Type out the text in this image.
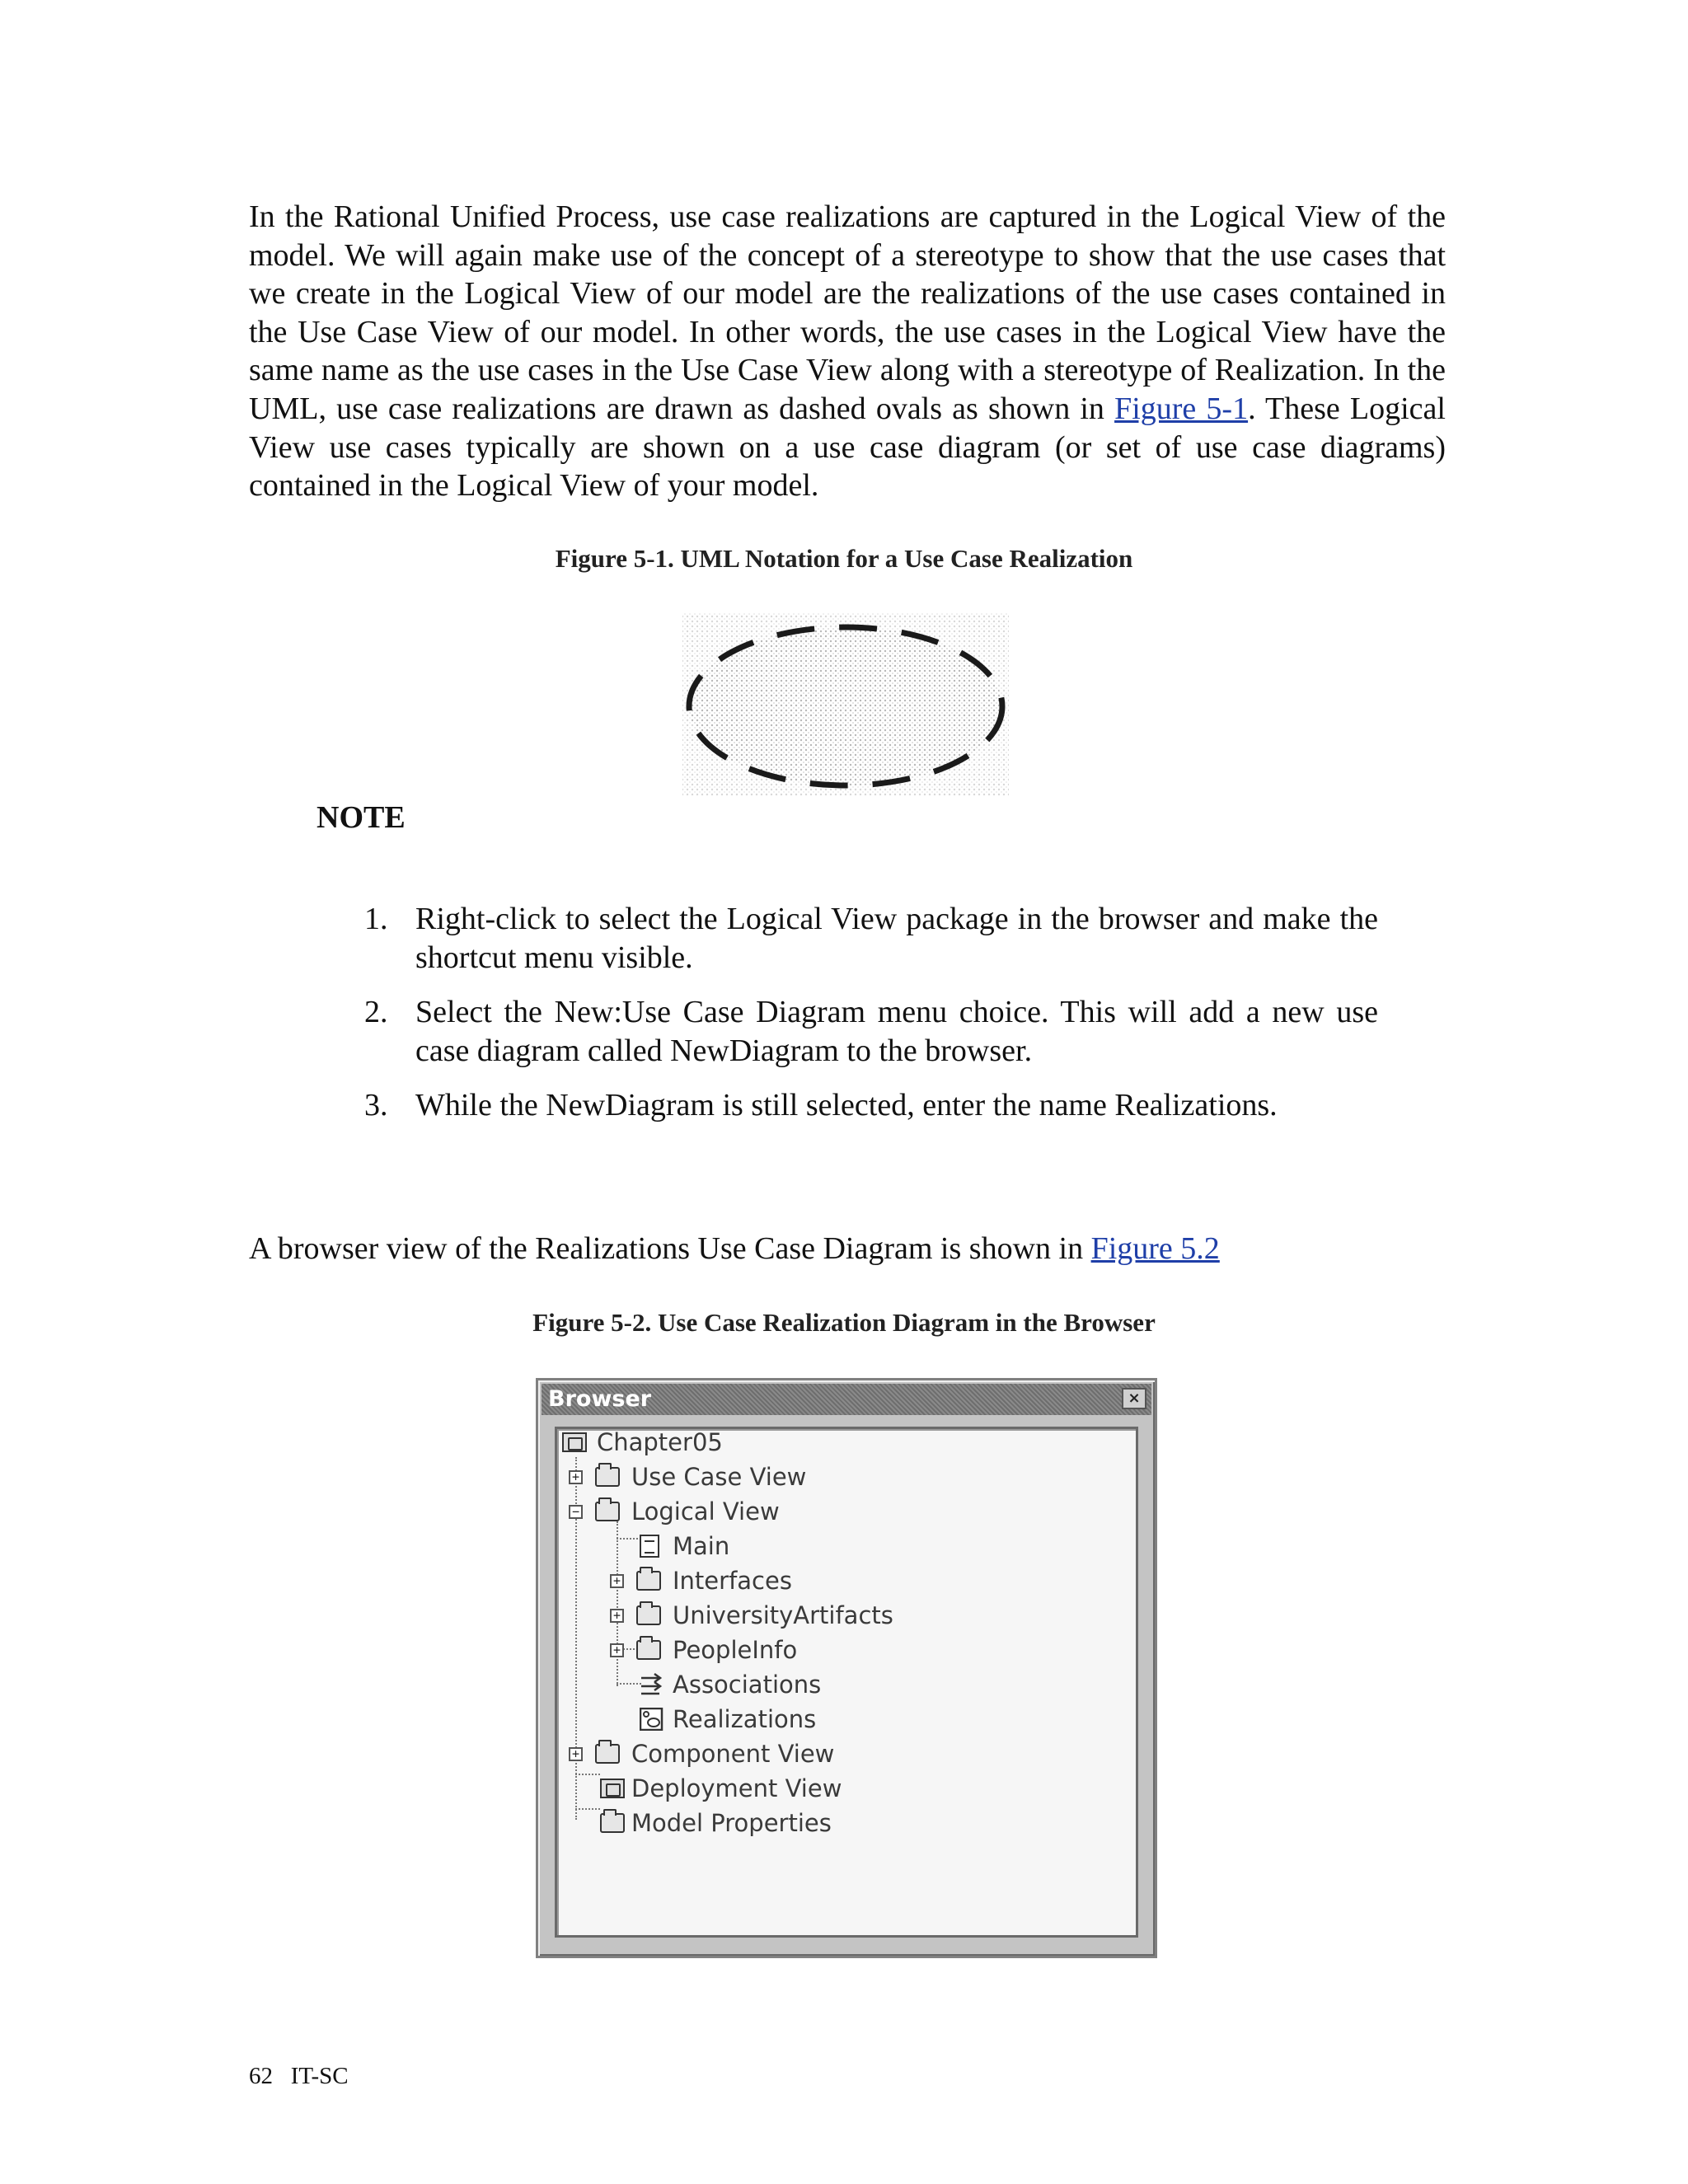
In the Rational Unified Process, use case realizations are captured in the Logical View of the model. We will again make use of the concept of a stereotype to show that the use cases that we create in the Logical View of our model are the realizations of the use cases contained in the Use Case View of our model. In other words, the use cases in the Logical View have the same name as the use cases in the Use Case View along with a stereotype of Realization. In the UML, use case realizations are drawn as dashed ovals as shown in Figure 5-1. These Logical View use cases typically are shown on a use case diagram (or set of use case diagrams) contained in the Logical View of your model.

Figure 5-1. UML Notation for a Use Case Realization

NOTE

1. Right-click to select the Logical View package in the browser and make the shortcut menu visible.
2. Select the New:Use Case Diagram menu choice. This will add a new use case diagram called NewDiagram to the browser.
3. While the NewDiagram is still selected, enter the name Realizations.

A browser view of the Realizations Use Case Diagram is shown in Figure 5.2

Figure 5-2. Use Case Realization Diagram in the Browser

Browser	×
Chapter05
+ Use Case View
− Logical View
Main
+ Interfaces
+ UniversityArtifacts
+ PeopleInfo
Associations
Realizations
+ Component View
Deployment View
Model Properties

62 IT-SC
